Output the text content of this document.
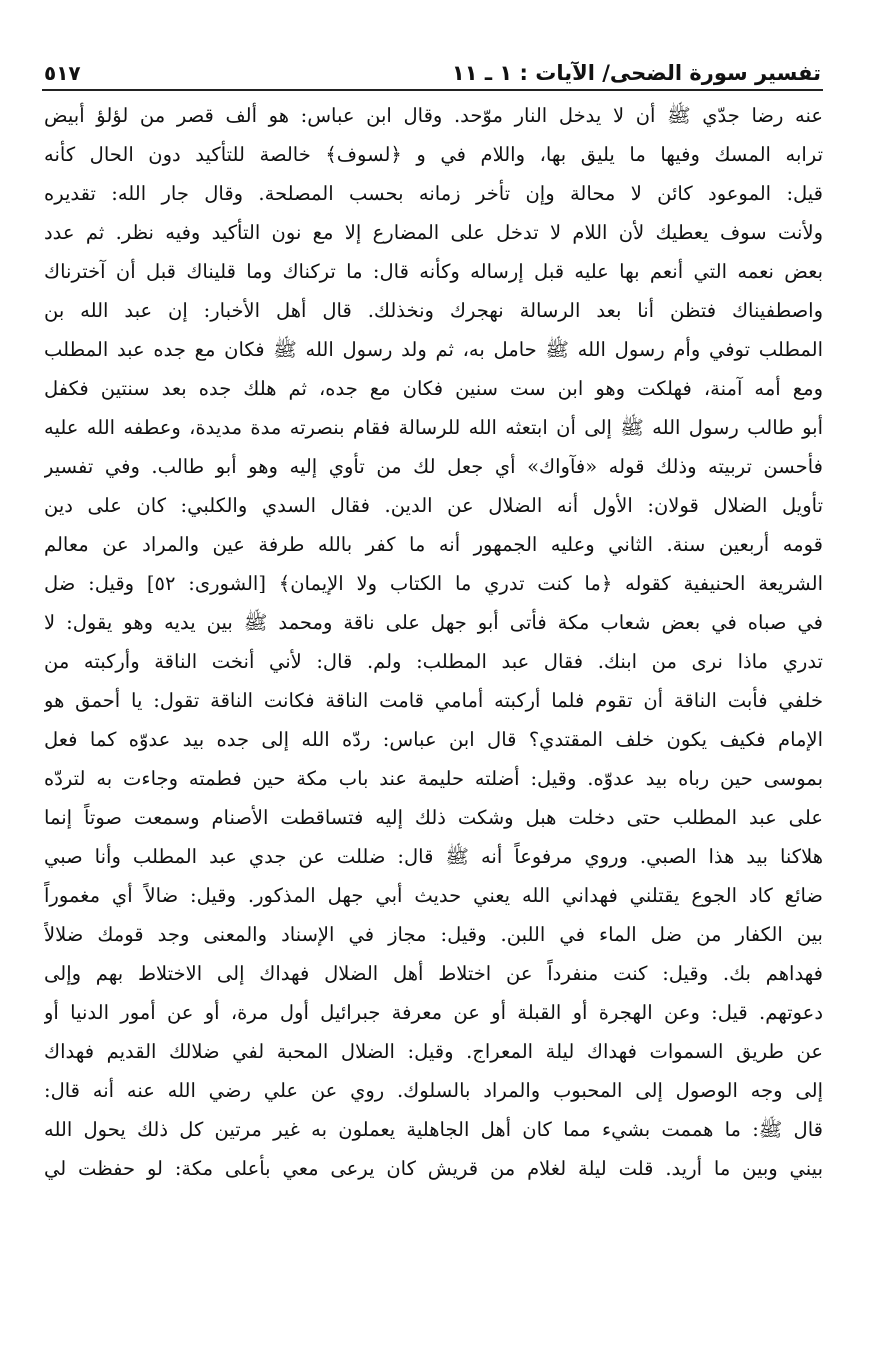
تفسير سورة الضحى/ الآيات : ١ ـ ١١
٥١٧
عنه رضا جدّي ﷺ أن لا يدخل النار موّحد. وقال ابن عباس: هو ألف قصر من لؤلؤ أبيض
ترابه المسك وفيها ما يليق بها، واللام في و ﴿لسوف﴾ خالصة للتأكيد دون الحال كأنه
قيل: الموعود كائن لا محالة وإن تأخر زمانه بحسب المصلحة. وقال جار الله: تقديره
ولأنت سوف يعطيك لأن اللام لا تدخل على المضارع إلا مع نون التأكيد وفيه نظر. ثم عدد
بعض نعمه التي أنعم بها عليه قبل إرساله وكأنه قال: ما تركناك وما قليناك قبل أن آخترناك
واصطفيناك فتظن أنا بعد الرسالة نهجرك ونخذلك. قال أهل الأخبار: إن عبد الله بن
المطلب توفي وأم رسول الله ﷺ حامل به، ثم ولد رسول الله ﷺ فكان مع جده عبد المطلب
ومع أمه آمنة، فهلكت وهو ابن ست سنين فكان مع جده، ثم هلك جده بعد سنتين فكفل
أبو طالب رسول الله ﷺ إلى أن ابتعثه الله للرسالة فقام بنصرته مدة مديدة، وعطفه الله عليه
فأحسن تربيته وذلك قوله «فآواك» أي جعل لك من تأوي إليه وهو أبو طالب. وفي تفسير
تأويل الضلال قولان: الأول أنه الضلال عن الدين. فقال السدي والكلبي: كان على دين
قومه أربعين سنة. الثاني وعليه الجمهور أنه ما كفر بالله طرفة عين والمراد عن معالم
الشريعة الحنيفية كقوله ﴿ما كنت تدري ما الكتاب ولا الإيمان﴾ [الشورى: ٥٢] وقيل: ضل
في صباه في بعض شعاب مكة فأتى أبو جهل على ناقة ومحمد ﷺ بين يديه وهو يقول: لا
تدري ماذا نرى من ابنك. فقال عبد المطلب: ولم. قال: لأني أنخت الناقة وأركبته من
خلفي فأبت الناقة أن تقوم فلما أركبته أمامي قامت الناقة فكانت الناقة تقول: يا أحمق هو
الإمام فكيف يكون خلف المقتدي؟ قال ابن عباس: ردّه الله إلى جده بيد عدوّه كما فعل
بموسى حين رباه بيد عدوّه. وقيل: أضلته حليمة عند باب مكة حين فطمته وجاءت به لتردّه
على عبد المطلب حتى دخلت هبل وشكت ذلك إليه فتساقطت الأصنام وسمعت صوتاً إنما
هلاكنا بيد هذا الصبي. وروي مرفوعاً أنه ﷺ قال: ضللت عن جدي عبد المطلب وأنا صبي
ضائع كاد الجوع يقتلني فهداني الله يعني حديث أبي جهل المذكور. وقيل: ضالاً أي مغموراً
بين الكفار من ضل الماء في اللبن. وقيل: مجاز في الإسناد والمعنى وجد قومك ضلالاً
فهداهم بك. وقيل: كنت منفرداً عن اختلاط أهل الضلال فهداك إلى الاختلاط بهم وإلى
دعوتهم. قيل: وعن الهجرة أو القبلة أو عن معرفة جبرائيل أول مرة، أو عن أمور الدنيا أو
عن طريق السموات فهداك ليلة المعراج. وقيل: الضلال المحبة لفي ضلالك القديم فهداك
إلى وجه الوصول إلى المحبوب والمراد بالسلوك. روي عن علي رضي الله عنه أنه قال:
قال ﷺ: ما هممت بشيء مما كان أهل الجاهلية يعملون به غير مرتين كل ذلك يحول الله
بيني وبين ما أريد. قلت ليلة لغلام من قريش كان يرعى معي بأعلى مكة: لو حفظت لي
